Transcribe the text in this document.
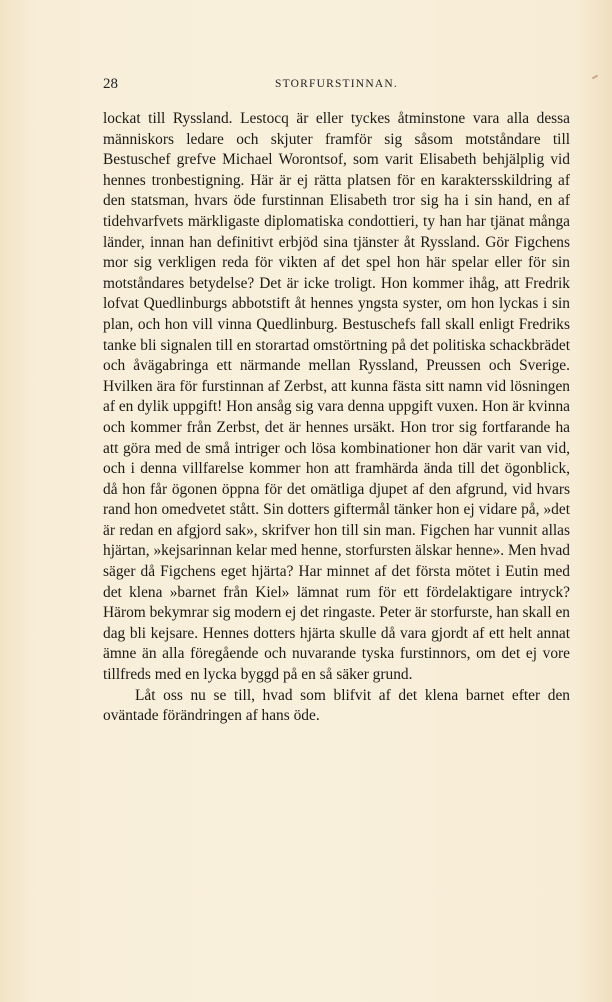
28	STORFURSTINNAN.

lockat till Ryssland. Lestocq är eller tyckes åtminstone vara alla dessa människors ledare och skjuter framför sig såsom motståndare till Bestuschef grefve Michael Worontsof, som varit Elisabeth behjälplig vid hennes tronbestigning. Här är ej rätta platsen för en karaktersskildring af den statsman, hvars öde furstinnan Elisabeth tror sig ha i sin hand, en af tidehvarfvets märkligaste diplomatiska condottieri, ty han har tjänat många länder, innan han definitivt erbjöd sina tjänster åt Ryssland. Gör Figchens mor sig verkligen reda för vikten af det spel hon här spelar eller för sin motståndares betydelse? Det är icke troligt. Hon kommer ihåg, att Fredrik lofvat Quedlinburgs abbotstift åt hennes yngsta syster, om hon lyckas i sin plan, och hon vill vinna Quedlinburg. Bestuschefs fall skall enligt Fredriks tanke bli signalen till en storartad omstörtning på det politiska schackbrädet och åvägabringa ett närmande mellan Ryssland, Preussen och Sverige. Hvilken ära för furstinnan af Zerbst, att kunna fästa sitt namn vid lösningen af en dylik uppgift! Hon ansåg sig vara denna uppgift vuxen. Hon är kvinna och kommer från Zerbst, det är hennes ursäkt. Hon tror sig fortfarande ha att göra med de små intriger och lösa kombinationer hon där varit van vid, och i denna villfarelse kommer hon att framhärda ända till det ögonblick, då hon får ögonen öppna för det omätliga djupet af den afgrund, vid hvars rand hon omedvetet stått. Sin dotters giftermål tänker hon ej vidare på, »det är redan en afgjord sak», skrifver hon till sin man. Figchen har vunnit allas hjärtan, »kejsarinnan kelar med henne, storfursten älskar henne». Men hvad säger då Figchens eget hjärta? Har minnet af det första mötet i Eutin med det klena »barnet från Kiel» lämnat rum för ett fördelaktigare intryck? Härom bekymrar sig modern ej det ringaste. Peter är storfurste, han skall en dag bli kejsare. Hennes dotters hjärta skulle då vara gjordt af ett helt annat ämne än alla föregående och nuvarande tyska furstinnors, om det ej vore tillfreds med en lycka byggd på en så säker grund.

Låt oss nu se till, hvad som blifvit af det klena barnet efter den oväntade förändringen af hans öde.
